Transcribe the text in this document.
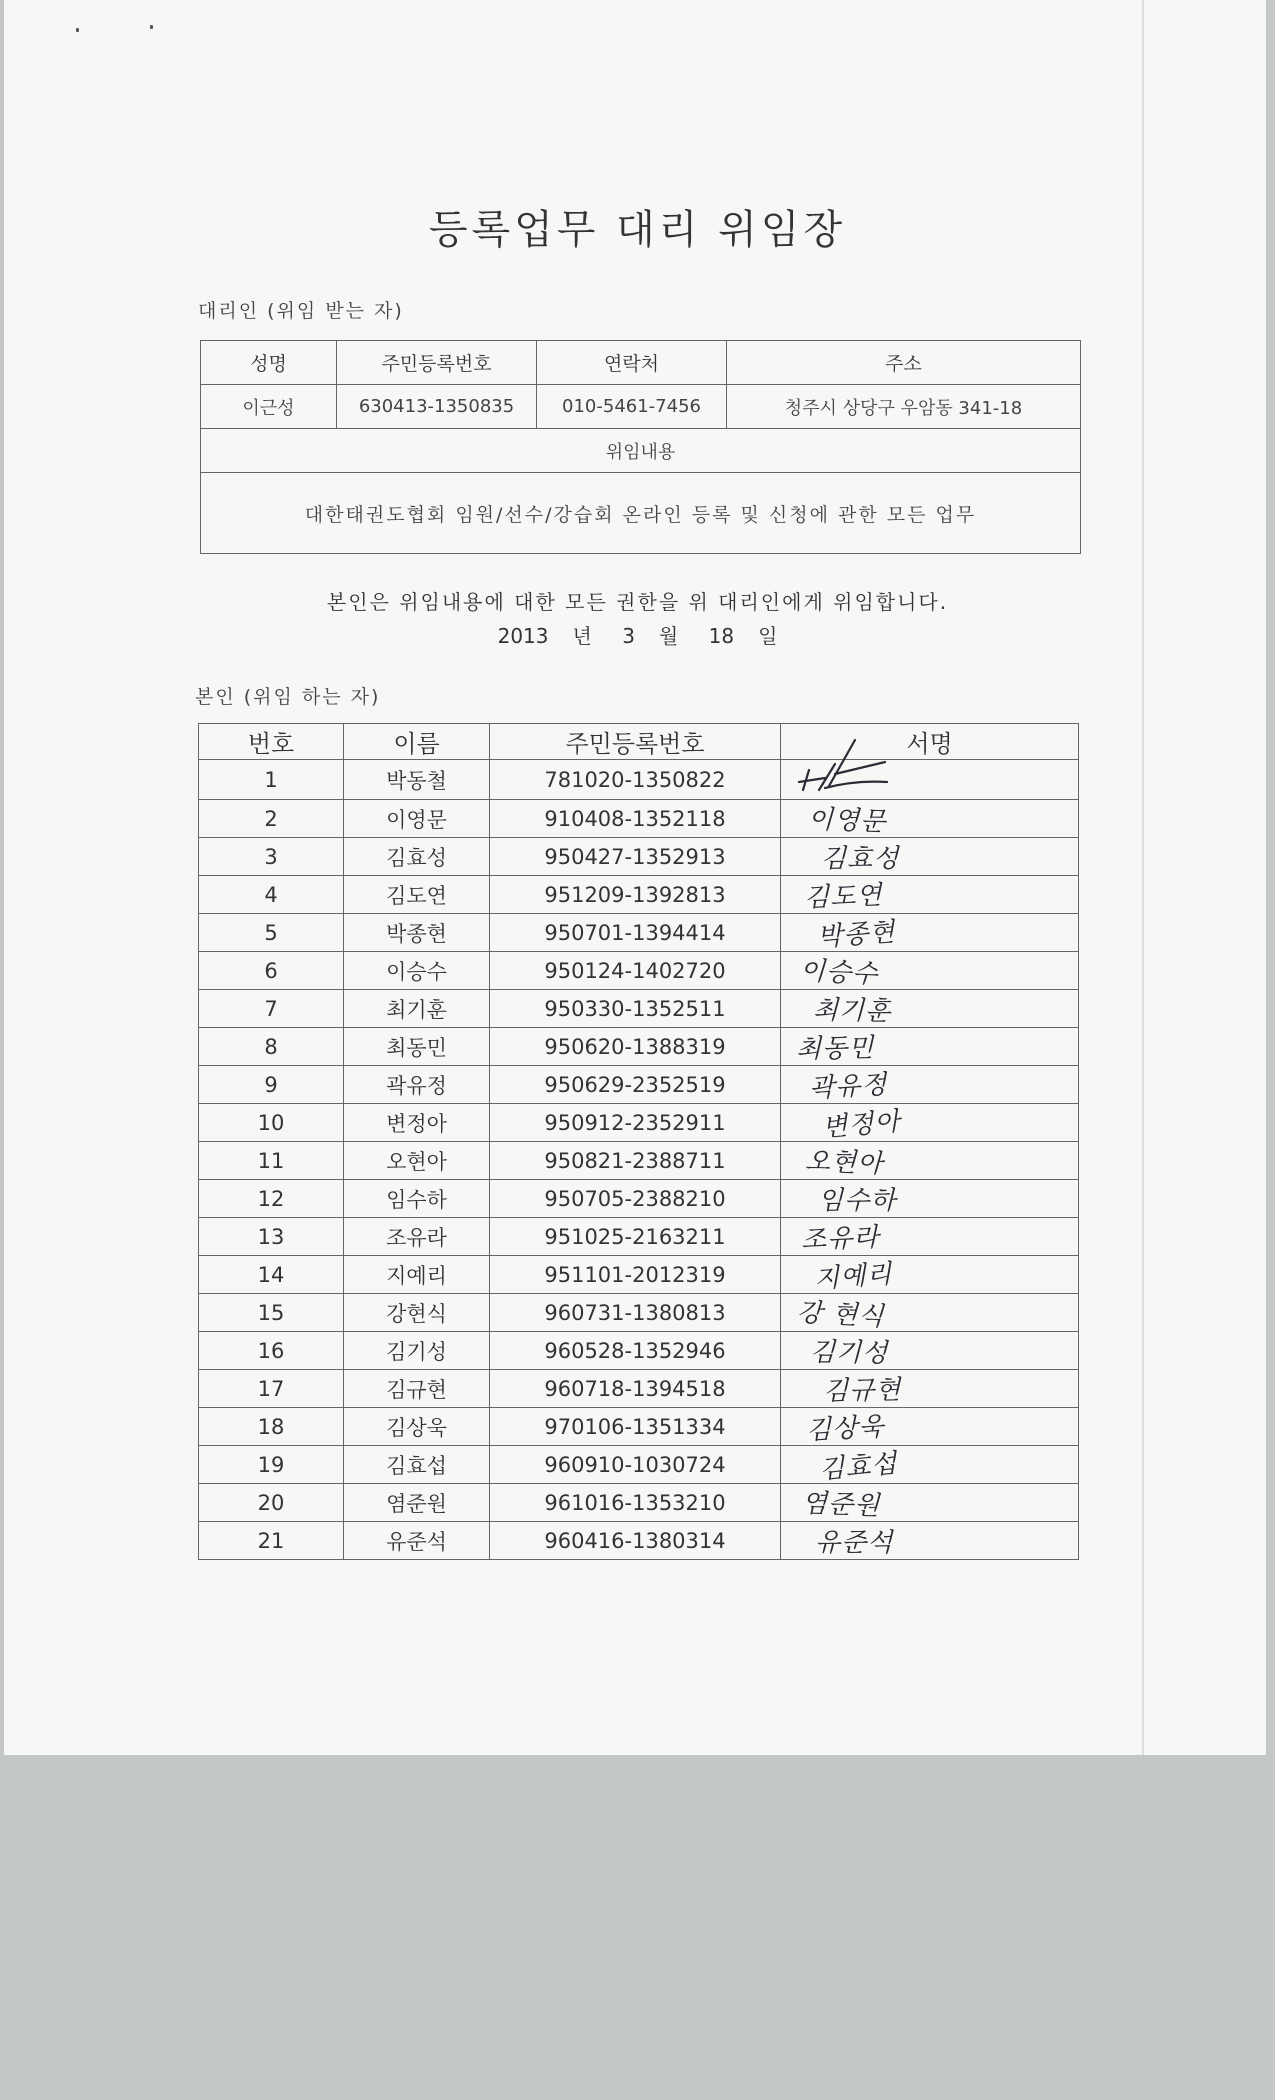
등록업무 대리 위임장
대리인 (위임 받는 자)
성명	주민등록번호	연락처	주소
이근성	630413-1350835	010-5461-7456	청주시 상당구 우암동 341-18
위임내용			
대한태권도협회 임원/선수/강습회 온라인 등록 및 신청에 관한 모든 업무			
본인은 위임내용에 대한 모든 권한을 위 대리인에게 위임합니다.
2013 년 3 월 18 일
본인 (위임 하는 자)
번호	이름	주민등록번호	서명
1	박동철	781020-1350822	
2	이영문	910408-1352118	이영문
3	김효성	950427-1352913	김효성
4	김도연	951209-1392813	김도연
5	박종현	950701-1394414	박종현
6	이승수	950124-1402720	이승수
7	최기훈	950330-1352511	최기훈
8	최동민	950620-1388319	최동민
9	곽유정	950629-2352519	곽유정
10	변정아	950912-2352911	변정아
11	오현아	950821-2388711	오현아
12	임수하	950705-2388210	임수하
13	조유라	951025-2163211	조유라
14	지예리	951101-2012319	지예리
15	강현식	960731-1380813	강 현식
16	김기성	960528-1352946	김기성
17	김규현	960718-1394518	김규현
18	김상욱	970106-1351334	김상욱
19	김효섭	960910-1030724	김효섭
20	염준원	961016-1353210	염준원
21	유준석	960416-1380314	유준석
